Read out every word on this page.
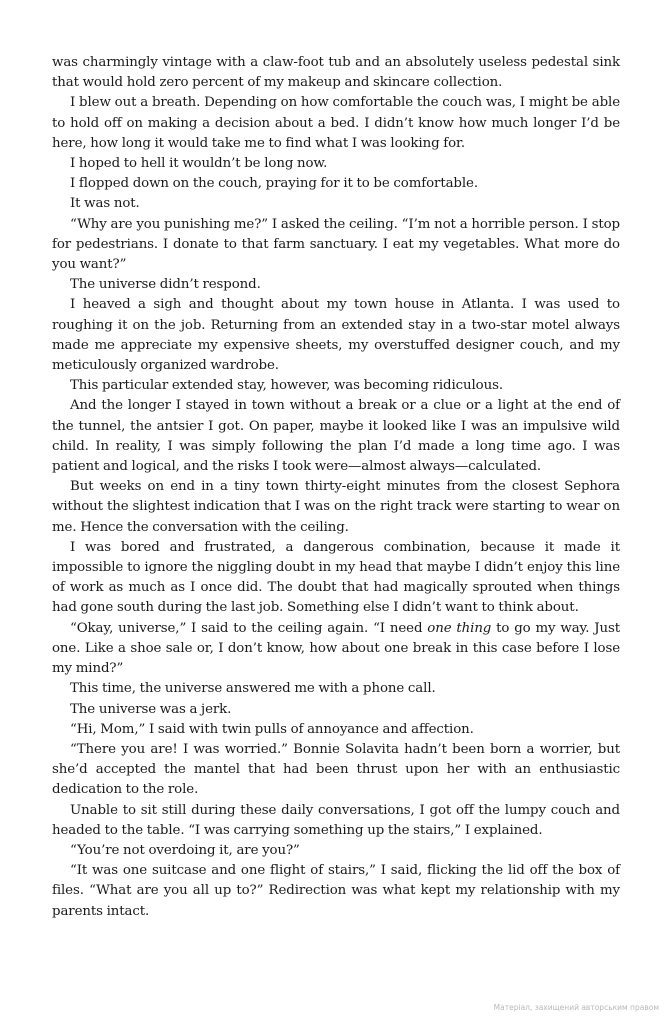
was charmingly vintage with a claw-foot tub and an absolutely useless pedestal sink that would hold zero percent of my makeup and skincare collection.

I blew out a breath. Depending on how comfortable the couch was, I might be able to hold off on making a decision about a bed. I didn’t know how much longer I’d be here, how long it would take me to find what I was looking for.

I hoped to hell it wouldn’t be long now.

I flopped down on the couch, praying for it to be comfortable.

It was not.

“Why are you punishing me?” I asked the ceiling. “I’m not a horrible person. I stop for pedestrians. I donate to that farm sanctuary. I eat my vegetables. What more do you want?”

The universe didn’t respond.

I heaved a sigh and thought about my town house in Atlanta. I was used to roughing it on the job. Returning from an extended stay in a two-star motel always made me appreciate my expensive sheets, my overstuffed designer couch, and my meticulously organized wardrobe.

This particular extended stay, however, was becoming ridiculous.

And the longer I stayed in town without a break or a clue or a light at the end of the tunnel, the antsier I got. On paper, maybe it looked like I was an impulsive wild child. In reality, I was simply following the plan I’d made a long time ago. I was patient and logical, and the risks I took were—almost always—calculated.

But weeks on end in a tiny town thirty-eight minutes from the closest Sephora without the slightest indication that I was on the right track were starting to wear on me. Hence the conversation with the ceiling.

I was bored and frustrated, a dangerous combination, because it made it impossible to ignore the niggling doubt in my head that maybe I didn’t enjoy this line of work as much as I once did. The doubt that had magically sprouted when things had gone south during the last job. Something else I didn’t want to think about.

“Okay, universe,” I said to the ceiling again. “I need one thing to go my way. Just one. Like a shoe sale or, I don’t know, how about one break in this case before I lose my mind?”

This time, the universe answered me with a phone call.

The universe was a jerk.

“Hi, Mom,” I said with twin pulls of annoyance and affection.

“There you are! I was worried.” Bonnie Solavita hadn’t been born a worrier, but she’d accepted the mantel that had been thrust upon her with an enthusiastic dedication to the role.

Unable to sit still during these daily conversations, I got off the lumpy couch and headed to the table. “I was carrying something up the stairs,” I explained.

“You’re not overdoing it, are you?”

“It was one suitcase and one flight of stairs,” I said, flicking the lid off the box of files. “What are you all up to?” Redirection was what kept my relationship with my parents intact.

Матеріал, захищений авторським правом
